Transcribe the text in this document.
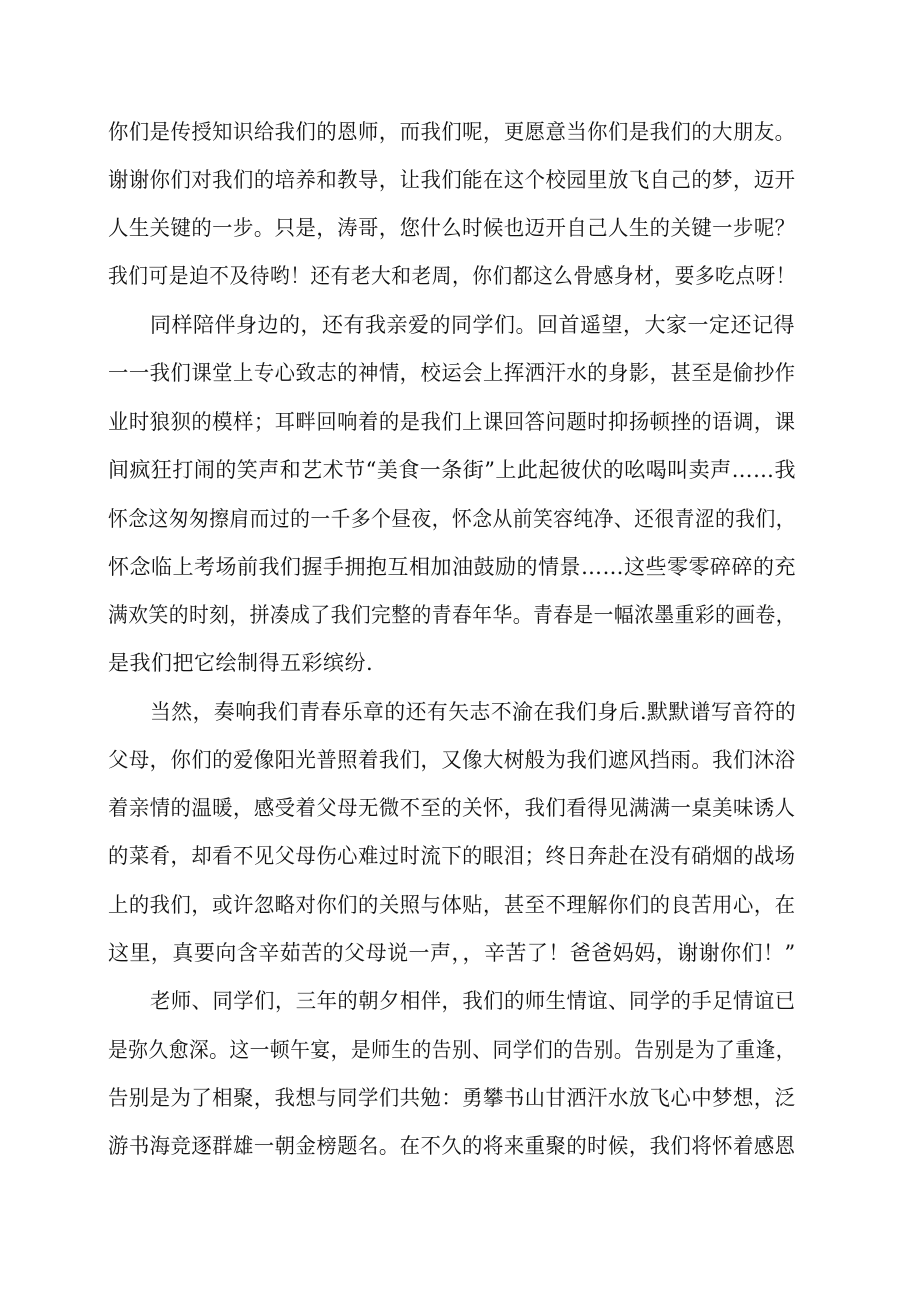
你们是传授知识给我们的恩师，而我们呢，更愿意当你们是我们的大朋友。
谢谢你们对我们的培养和教导，让我们能在这个校园里放飞自己的梦，迈开
人生关键的一步。只是，涛哥，您什么时候也迈开自己人生的关键一步呢？
我们可是迫不及待哟！还有老大和老周，你们都这么骨感身材，要多吃点呀！
同样陪伴身边的，还有我亲爱的同学们。回首遥望，大家一定还记得
一一我们课堂上专心致志的神情，校运会上挥洒汗水的身影，甚至是偷抄作
业时狼狈的模样；耳畔回响着的是我们上课回答问题时抑扬顿挫的语调，课
间疯狂打闹的笑声和艺术节“美食一条街”上此起彼伏的吆喝叫卖声……我
怀念这匆匆擦肩而过的一千多个昼夜，怀念从前笑容纯净、还很青涩的我们，
怀念临上考场前我们握手拥抱互相加油鼓励的情景……这些零零碎碎的充
满欢笑的时刻，拼凑成了我们完整的青春年华。青春是一幅浓墨重彩的画卷，
是我们把它绘制得五彩缤纷.
当然，奏响我们青春乐章的还有矢志不渝在我们身后.默默谱写音符的
父母，你们的爱像阳光普照着我们，又像大树般为我们遮风挡雨。我们沐浴
着亲情的温暖，感受着父母无微不至的关怀，我们看得见满满一桌美味诱人
的菜肴，却看不见父母伤心难过时流下的眼泪；终日奔赴在没有硝烟的战场
上的我们，或许忽略对你们的关照与体贴，甚至不理解你们的良苦用心，在
这里，真要向含辛茹苦的父母说一声，，辛苦了！爸爸妈妈，谢谢你们！”
老师、同学们，三年的朝夕相伴，我们的师生情谊、同学的手足情谊已
是弥久愈深。这一顿午宴，是师生的告别、同学们的告别。告别是为了重逢，
告别是为了相聚，我想与同学们共勉：勇攀书山甘洒汗水放飞心中梦想，泛
游书海竞逐群雄一朝金榜题名。在不久的将来重聚的时候，我们将怀着感恩
